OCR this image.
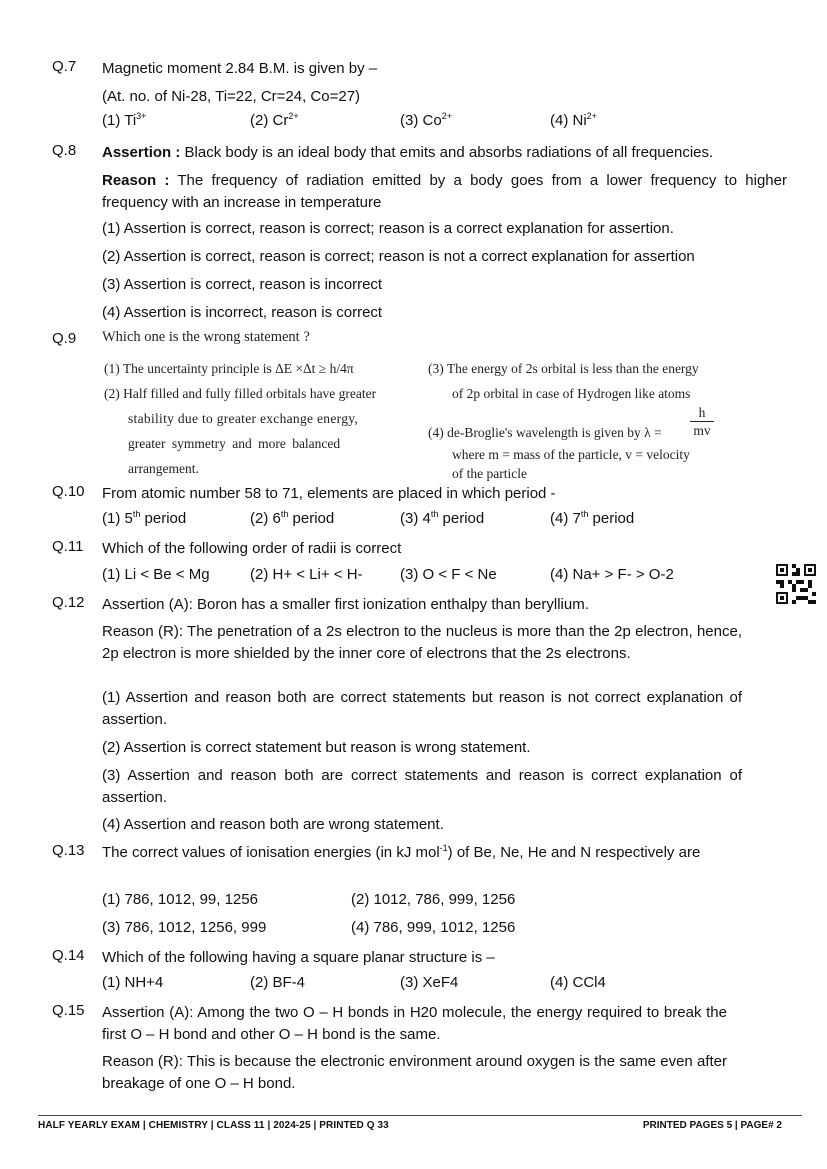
Q.7 Magnetic moment 2.84 B.M. is given by –
(At. no. of Ni-28, Ti=22, Cr=24, Co=27)
(1) $Ti^{3+}$	(2) $Cr^{2+}$	(3) $Co^{2+}$	(4) $Ni^{2+}$
Q.8 Assertion : Black body is an ideal body that emits and absorbs radiations of all frequencies.
Reason : The frequency of radiation emitted by a body goes from a lower frequency to higher frequency with an increase in temperature
(1) Assertion is correct, reason is correct; reason is a correct explanation for assertion.
(2) Assertion is correct, reason is correct; reason is not a correct explanation for assertion
(3) Assertion is correct, reason is incorrect
(4) Assertion is incorrect, reason is correct
Q.9 Which one is the wrong statement ?
(1) The uncertainty principle is ΔE ×Δt ≥ h/4π
(2) Half filled and fully filled orbitals have greater
stability due to greater exchange energy,
greater symmetry and more balanced
arrangement.
(3) The energy of 2s orbital is less than the energy
of 2p orbital in case of Hydrogen like atoms
(4) de-Broglie's wavelength is given by λ =
h
mv
where m = mass of the particle, v = velocity
of the particle
Q.10 From atomic number 58 to 71, elements are placed in which period -
(1) 5th period	(2) 6th period	(3) 4th period	(4) 7th period
Q.11 Which of the following order of radii is correct
(1) Li < Be < Mg	(2) H+ < Li+ < H- (3) O < F < Ne	(4) Na+ > F- > O-2
Q.12 Assertion (A): Boron has a smaller first ionization enthalpy than beryllium.
Reason (R): The penetration of a 2s electron to the nucleus is more than the 2p electron, hence, 2p electron is more shielded by the inner core of electrons that the 2s electrons.
(1) Assertion and reason both are correct statements but reason is not correct explanation of assertion.
(2) Assertion is correct statement but reason is wrong statement.
(3) Assertion and reason both are correct statements and reason is correct explanation of assertion.
(4) Assertion and reason both are wrong statement.
Q.13 The correct values of ionisation energies (in kJ mol$^{-1}$) of Be, Ne, He and N respectively are
(1) 786, 1012, 99, 1256	(2) 1012, 786, 999, 1256
(3) 786, 1012, 1256, 999	(4) 786, 999, 1012, 1256
Q.14 Which of the following having a square planar structure is –
(1) NH+4	(2) BF-4	(3) XeF4	(4) CCl4
Q.15 Assertion (A): Among the two O – H bonds in H20 molecule, the energy required to break the first O – H bond and other O – H bond is the same.
Reason (R): This is because the electronic environment around oxygen is the same even after breakage of one O – H bond.
HALF YEARLY EXAM | CHEMISTRY | CLASS 11 | 2024-25 | PRINTED Q 33	PRINTED PAGES 5 | PAGE# 2
